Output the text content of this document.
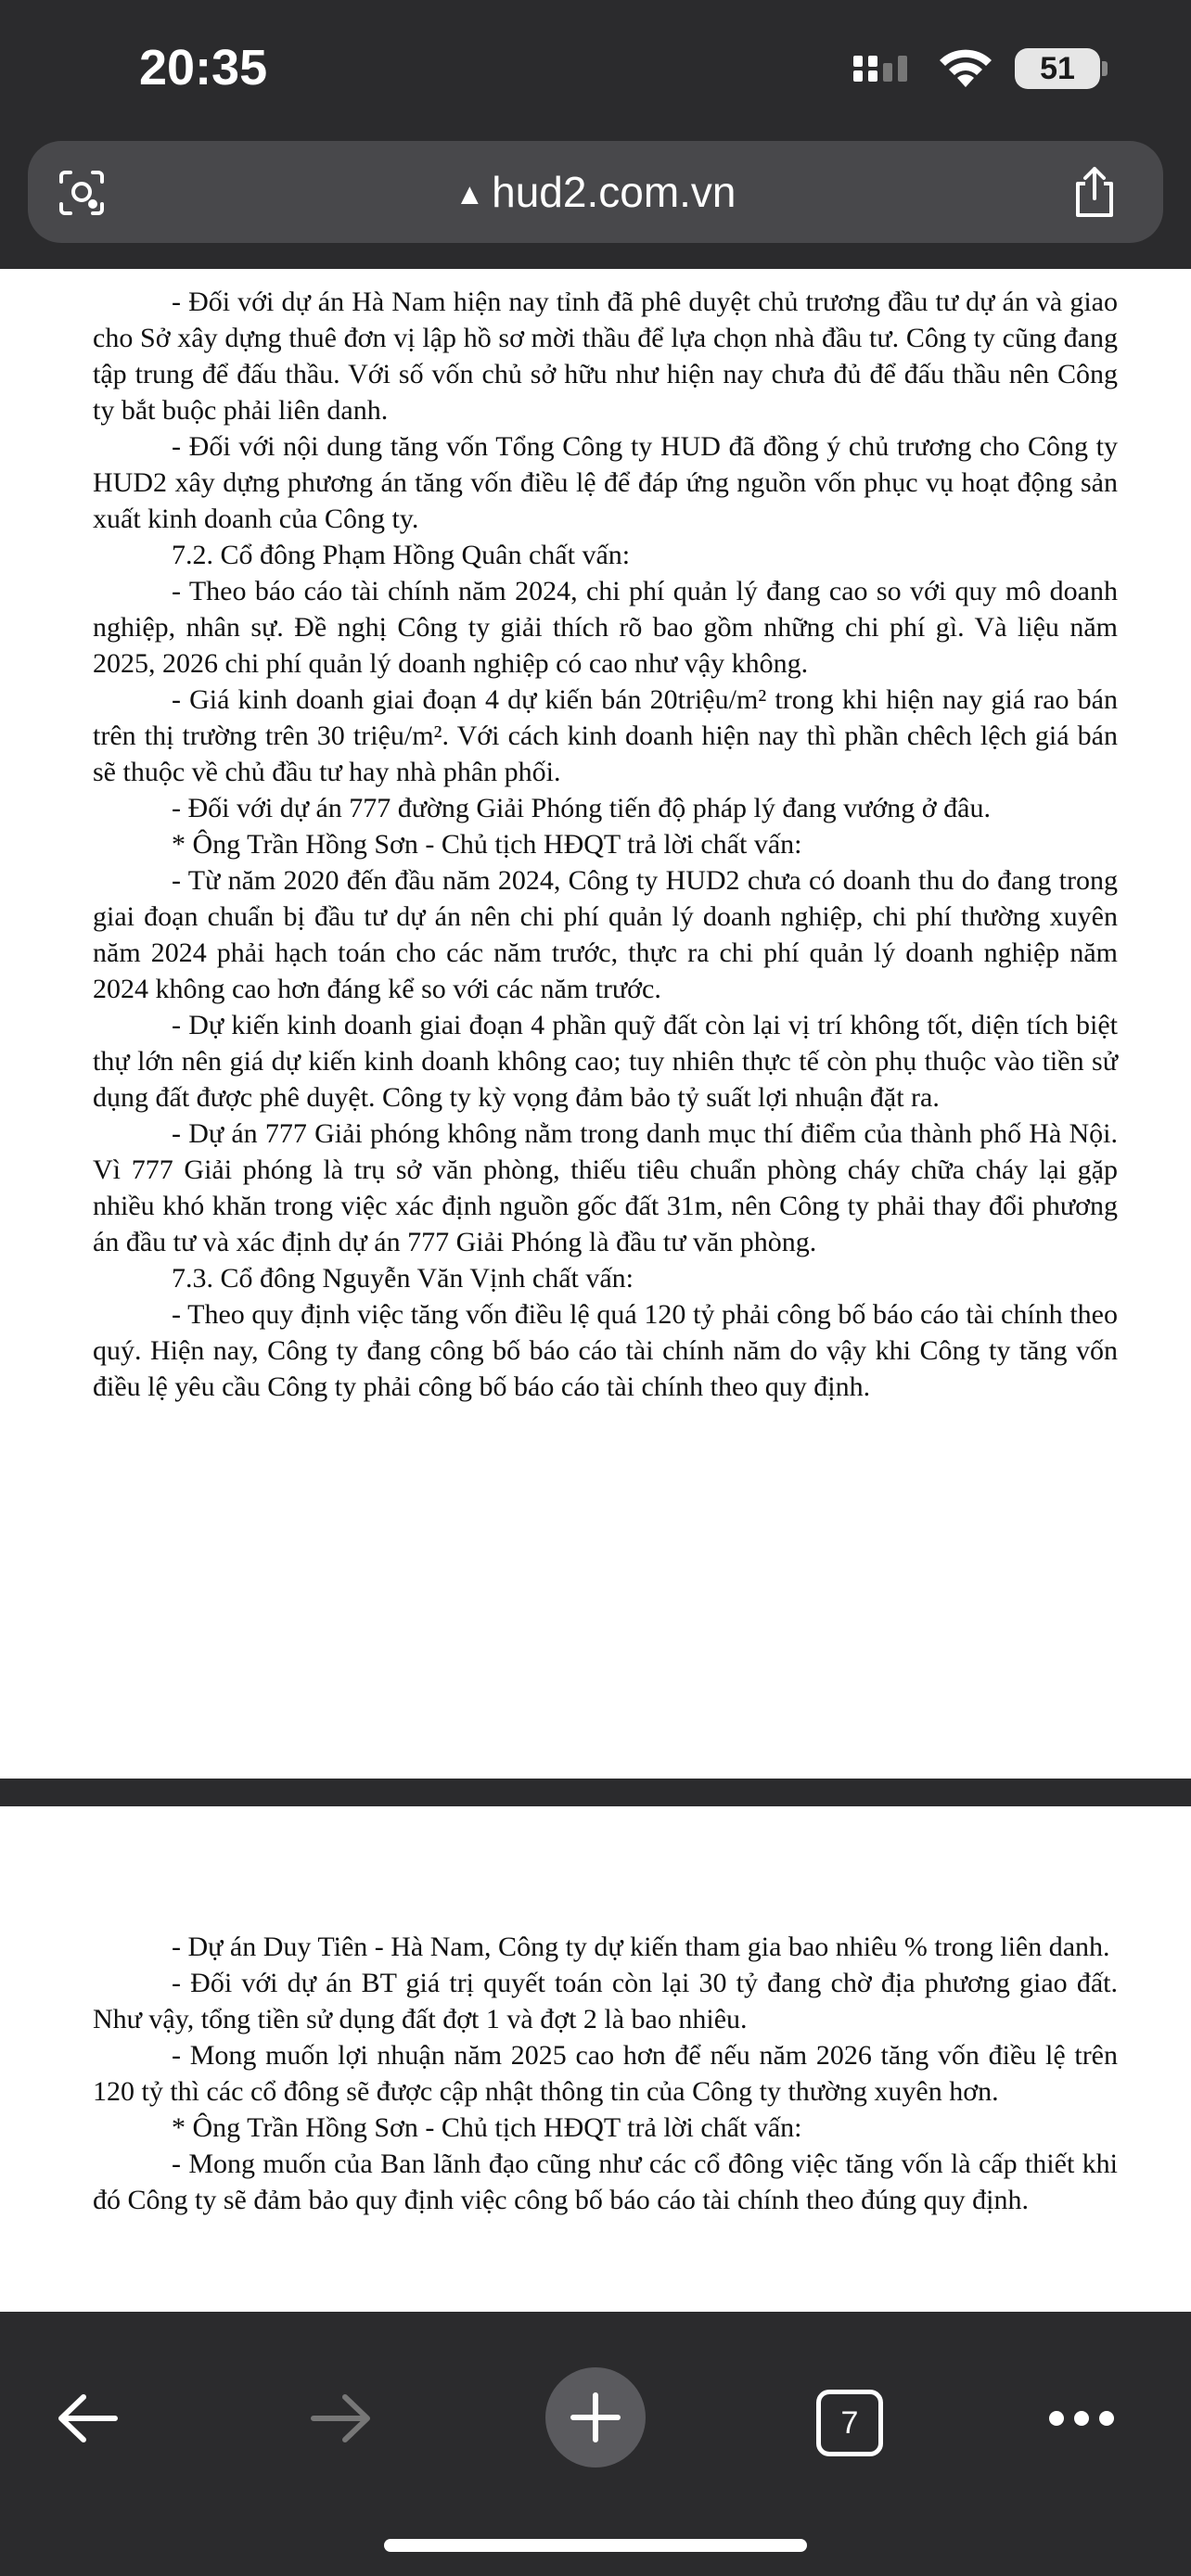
20:35	51
▲ hud2.com.vn

- Đối với dự án Hà Nam hiện nay tỉnh đã phê duyệt chủ trương đầu tư dự án và giao cho Sở xây dựng thuê đơn vị lập hồ sơ mời thầu để lựa chọn nhà đầu tư. Công ty cũng đang tập trung để đấu thầu. Với số vốn chủ sở hữu như hiện nay chưa đủ để đấu thầu nên Công ty bắt buộc phải liên danh.

- Đối với nội dung tăng vốn Tổng Công ty HUD đã đồng ý chủ trương cho Công ty HUD2 xây dựng phương án tăng vốn điều lệ để đáp ứng nguồn vốn phục vụ hoạt động sản xuất kinh doanh của Công ty.

7.2. Cổ đông Phạm Hồng Quân chất vấn:

- Theo báo cáo tài chính năm 2024, chi phí quản lý đang cao so với quy mô doanh nghiệp, nhân sự. Đề nghị Công ty giải thích rõ bao gồm những chi phí gì. Và liệu năm 2025, 2026 chi phí quản lý doanh nghiệp có cao như vậy không.

- Giá kinh doanh giai đoạn 4 dự kiến bán 20triệu/m² trong khi hiện nay giá rao bán trên thị trường trên 30 triệu/m². Với cách kinh doanh hiện nay thì phần chêch lệch giá bán sẽ thuộc về chủ đầu tư hay nhà phân phối.

- Đối với dự án 777 đường Giải Phóng tiến độ pháp lý đang vướng ở đâu.

* Ông Trần Hồng Sơn - Chủ tịch HĐQT trả lời chất vấn:

- Từ năm 2020 đến đầu năm 2024, Công ty HUD2 chưa có doanh thu do đang trong giai đoạn chuẩn bị đầu tư dự án nên chi phí quản lý doanh nghiệp, chi phí thường xuyên năm 2024 phải hạch toán cho các năm trước, thực ra chi phí quản lý doanh nghiệp năm 2024 không cao hơn đáng kể so với các năm trước.

- Dự kiến kinh doanh giai đoạn 4 phần quỹ đất còn lại vị trí không tốt, diện tích biệt thự lớn nên giá dự kiến kinh doanh không cao; tuy nhiên thực tế còn phụ thuộc vào tiền sử dụng đất được phê duyệt. Công ty kỳ vọng đảm bảo tỷ suất lợi nhuận đặt ra.

- Dự án 777 Giải phóng không nằm trong danh mục thí điểm của thành phố Hà Nội. Vì 777 Giải phóng là trụ sở văn phòng, thiếu tiêu chuẩn phòng cháy chữa cháy lại gặp nhiều khó khăn trong việc xác định nguồn gốc đất 31m, nên Công ty phải thay đổi phương án đầu tư và xác định dự án 777 Giải Phóng là đầu tư văn phòng.

7.3. Cổ đông Nguyễn Văn Vịnh chất vấn:

- Theo quy định việc tăng vốn điều lệ quá 120 tỷ phải công bố báo cáo tài chính theo quý. Hiện nay, Công ty đang công bố báo cáo tài chính năm do vậy khi Công ty tăng vốn điều lệ yêu cầu Công ty phải công bố báo cáo tài chính theo quy định.

- Dự án Duy Tiên - Hà Nam, Công ty dự kiến tham gia bao nhiêu % trong liên danh.

- Đối với dự án BT giá trị quyết toán còn lại 30 tỷ đang chờ địa phương giao đất. Như vậy, tổng tiền sử dụng đất đợt 1 và đợt 2 là bao nhiêu.

- Mong muốn lợi nhuận năm 2025 cao hơn để nếu năm 2026 tăng vốn điều lệ trên 120 tỷ thì các cổ đông sẽ được cập nhật thông tin của Công ty thường xuyên hơn.

* Ông Trần Hồng Sơn - Chủ tịch HĐQT trả lời chất vấn:

- Mong muốn của Ban lãnh đạo cũng như các cổ đông việc tăng vốn là cấp thiết khi đó Công ty sẽ đảm bảo quy định việc công bố báo cáo tài chính theo đúng quy định.

7
